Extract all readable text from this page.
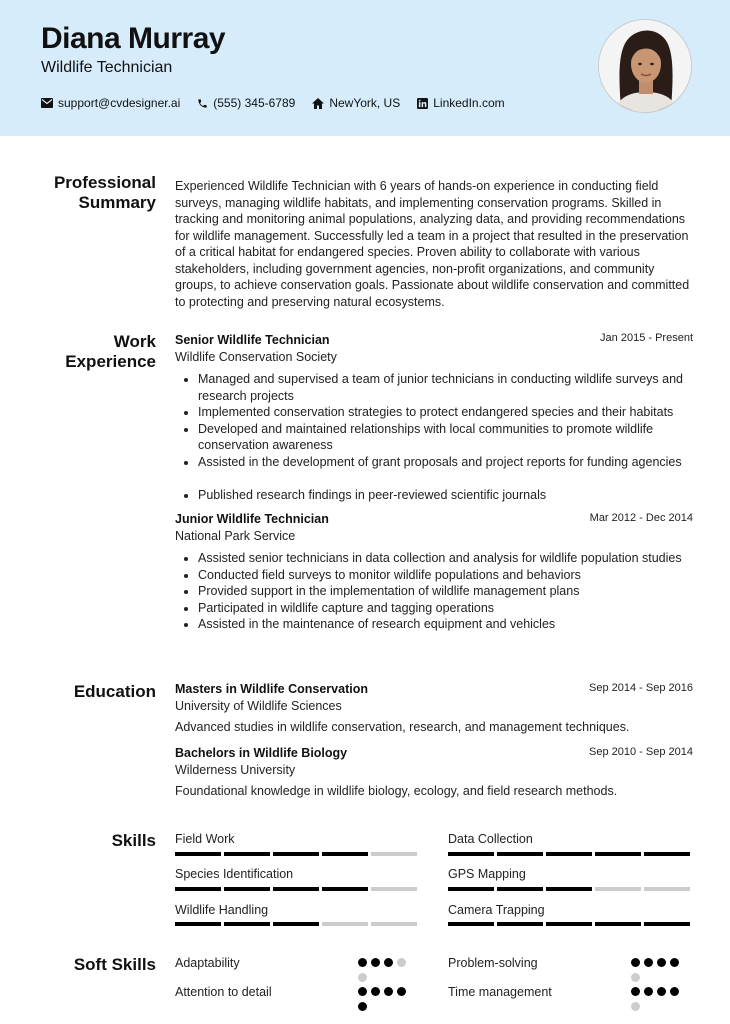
Diana Murray
Wildlife Technician
support@cvdesigner.ai	(555) 345-6789	NewYork, US	LinkedIn.com
Professional
Summary
Experienced Wildlife Technician with 6 years of hands-on experience in conducting field surveys, managing wildlife habitats, and implementing conservation programs. Skilled in tracking and monitoring animal populations, analyzing data, and providing recommendations for wildlife management. Successfully led a team in a project that resulted in the preservation of a critical habitat for endangered species. Proven ability to collaborate with various stakeholders, including government agencies, non-profit organizations, and community groups, to achieve conservation goals. Passionate about wildlife conservation and committed to protecting and preserving natural ecosystems.
Work
Experience
Senior Wildlife Technician	Jan 2015 - Present
Wildlife Conservation Society
• Managed and supervised a team of junior technicians in conducting wildlife surveys and research projects
• Implemented conservation strategies to protect endangered species and their habitats
• Developed and maintained relationships with local communities to promote wildlife conservation awareness
• Assisted in the development of grant proposals and project reports for funding agencies
• Published research findings in peer-reviewed scientific journals
Junior Wildlife Technician	Mar 2012 - Dec 2014
National Park Service
• Assisted senior technicians in data collection and analysis for wildlife population studies
• Conducted field surveys to monitor wildlife populations and behaviors
• Provided support in the implementation of wildlife management plans
• Participated in wildlife capture and tagging operations
• Assisted in the maintenance of research equipment and vehicles
Education Masters in Wildlife Conservation	Sep 2014 - Sep 2016
University of Wildlife Sciences
Advanced studies in wildlife conservation, research, and management techniques.
Bachelors in Wildlife Biology	Sep 2010 - Sep 2014
Wilderness University
Foundational knowledge in wildlife biology, ecology, and field research methods.
Skills Field Work	Data Collection
Species Identification	GPS Mapping
Wildlife Handling	Camera Trapping
Soft Skills Adaptability	Problem-solving
Attention to detail	Time management
